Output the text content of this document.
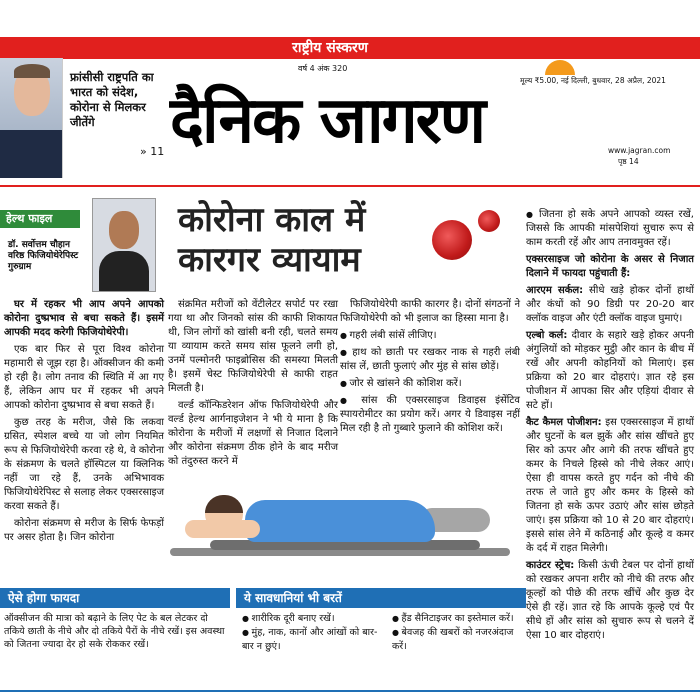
राष्ट्रीय संस्करण
फ्रांसीसी राष्ट्रपति का भारत को संदेश, कोरोना से मिलकर जीतेंगे
» 11
वर्ष 4 अंक 320
दैनिक जागरण
मूल्य ₹5.00, नई दिल्ली, बुधवार, 28 अप्रैल, 2021
www.jagran.com
पृष्ठ 14
हेल्थ फाइल
डॉ. सर्वोत्तम चौहान वरिष्ठ फिजियोथेरेपिस्ट गुरुग्राम
कोरोना काल में
कारगर व्यायाम

घर में रहकर भी आप अपने आपको कोरोना दुष्प्रभाव से बचा सकते हैं। इसमें आपकी मदद करेगी फिजियोथेरेपी।

एक बार फिर से पूरा विश्व कोरोना महामारी से जूझ रहा है। ऑक्सीजन की कमी हो रही है। लोग तनाव की स्थिति में आ गए हैं, लेकिन आप घर में रहकर भी अपने आपको कोरोना दुष्प्रभाव से बचा सकते हैं।

कुछ तरह के मरीज, जैसे कि लकवा ग्रसित, स्पेशल बच्चे या जो लोग नियमित रूप से फिजियोथेरेपी करवा रहे थे, वे कोरोना के संक्रमण के चलते हॉस्पिटल या क्लिनिक नहीं जा रहे हैं, उनके अभिभावक फिजियोथेरेपिस्ट से सलाह लेकर एक्सरसाइज करवा सकते हैं।

कोरोना संक्रमण से मरीज के सिर्फ फेफड़ों पर असर होता है। जिन कोरोना

संक्रमित मरीजों को वेंटीलेटर सपोर्ट पर रखा गया था और जिनको सांस की काफी शिकायत थी, जिन लोगों को खांसी बनी रही, चलते समय या व्यायाम करते समय सांस फूलने लगी हो, उनमें पल्मोनरी फाइब्रोसिस की समस्या मिलती है। इसमें चेस्ट फिजियोथेरेपी से काफी राहत मिलती है।

वर्ल्ड कॉन्फिडरेशन ऑफ फिजियोथेरेपी और वर्ल्ड हेल्थ आर्गनाइजेशन ने भी ये माना है कि कोरोना के मरीजों में लक्षणों से निजात दिलाने और कोरोना संक्रमण ठीक होने के बाद मरीज को तंदुरुस्त करने में

फिजियोथेरेपी काफी कारगर है। दोनों संगठनों ने फिजियोथेरेपी को भी इलाज का हिस्सा माना है।

● गहरी लंबी सांसें लीजिए।
● हाथ को छाती पर रखकर नाक से गहरी लंबी सांस लें, छाती फुलाएं और मुंह से सांस छोड़ें।
● जोर से खांसने की कोशिश करें।
● सांस की एक्सरसाइज डिवाइस इंसेंटिव स्पायरोमीटर का प्रयोग करें। अगर ये डिवाइस नहीं मिल रही है तो गुब्बारे फुलाने की कोशिश करें।

● जितना हो सके अपने आपको व्यस्त रखें, जिससे कि आपकी मांसपेशियां सुचारु रूप से काम करती रहें और आप तनावमुक्त रहें।

एक्सरसाइज जो कोरोना के असर से निजात दिलाने में फायदा पहुंचाती हैं:

आरएम सर्कल: सीधे खड़े होकर दोनों हाथों और कंधों को 90 डिग्री पर 20-20 बार क्लॉक वाइज और एंटी क्लॉक वाइज घुमाएं।

एल्बो कर्ल: दीवार के सहारे खड़े होकर अपनी अंगुलियों को मोड़कर मुट्ठी और कान के बीच में रखें और अपनी कोहनियों को मिलाएं। इस प्रक्रिया को 20 बार दोहराएं। ज्ञात रहे इस पोजीशन में आपका सिर और एड़ियां दीवार से सटे हों।

कैट कैमल पोजीशन: इस एक्सरसाइज में हाथों और घुटनों के बल झुकें और सांस खींचते हुए सिर को ऊपर और आगे की तरफ खींचते हुए कमर के निचले हिस्से को नीचे लेकर आएं। ऐसा ही वापस करते हुए गर्दन को नीचे की तरफ ले जाते हुए और कमर के हिस्से को जितना हो सके ऊपर उठाएं और सांस छोड़ते जाएं। इस प्रक्रिया को 10 से 20 बार दोहराएं। इससे सांस लेने में कठिनाई और कूल्हे व कमर के दर्द में राहत मिलेगी।

काउंटर स्ट्रेच: किसी ऊंची टेबल पर दोनों हाथों को रखकर अपना शरीर को नीचे की तरफ और कूल्हों को पीछे की तरफ खींचें और कुछ देर ऐसे ही रहें। ज्ञात रहे कि आपके कूल्हे एवं पैर सीधे हों और सांस को सुचारु रूप से चलने दें ऐसा 10 बार दोहराएं।

ऐसे होगा फायदा
ऑक्सीजन की मात्रा को बढ़ाने के लिए पेट के बल लेटकर दो तकिये छाती के नीचे और दो तकिये पैरों के नीचे रखें। इस अवस्था को जितना ज्यादा देर हो सके रोककर रखें।
ये सावधानियां भी बरतें
● शारीरिक दूरी बनाए रखें।
● मुंह, नाक, कानों और आंखों को बार-बार न छुएं।
● हैंड सैनिटाइजर का इस्तेमाल करें।
● बेवजह की खबरों को नजरअंदाज करें।
